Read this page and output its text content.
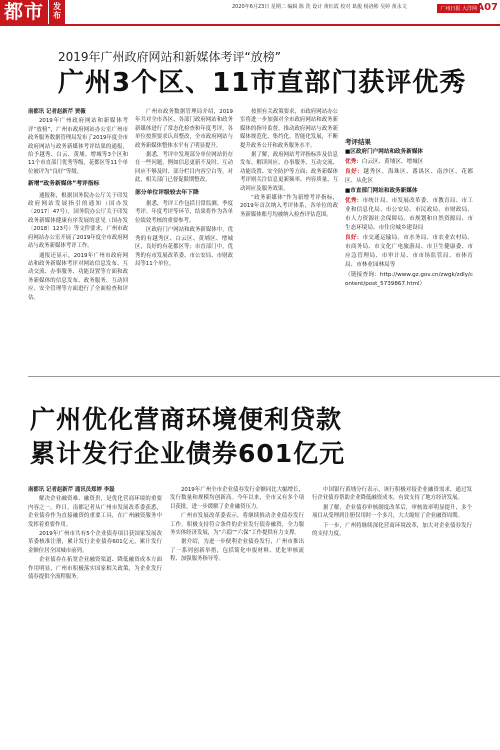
都市	发布
2020年6月23日 星期二 编辑 陈 洗 设计 黄红霞 校对 葛俊 杨洛彬 吴婷 黄永文	广州日报 大洋网 A07
2019年广州政府网站和新媒体考评“放榜”
广州3个区、11市直部门获评优秀

南都讯 记者赵新芹 贾薇

2019年广州政府网站和新媒体考评“放榜”，广州市政府网站办公室广州市政务服务数据管理局发布了2019年度全市政府网站与政务新媒体考评结果的通报，给予越秀、白云、黄埔、增城等3个区和11个市直部门优秀等级，花都区等11个单位被评为“良好”等级。

新增“政务新媒体”考评指标

通报称，根据国务院办公厅关于印发政府网站发展指引的通知（国办发〔2017〕47号），国务院办公厅关于印发政务新媒体健康有序发展的意见（国办发〔2018〕123号）等文件要求，广州市政府网站办公室开展了2019年度全市政府网站与政务新媒体考评工作。

通报还显示，2019年广州市政府网站和政务新媒体考评对网站信息发布、互动交流、办事服务、功能设置等方面和政务新媒体的信息发布、政务服务、互动回应、安全管理等方面进行了全面检查和评估。

广州市政务数据管理局介绍，2019年共对全市各区、各部门政府网站和政务新媒体进行了常态化检查和年度考评，各单位按照要求认真整改，全市政府网站与政务新媒体整体水平有了明显提升。

据悉，考评中发现部分单位网站仍存在一些问题，例如信息更新不及时、互动回应不够及时、部分栏目内容空白等，对此，相关部门已督促限期整改。

部分单位评级较去年下降

据悉，考评工作包括日常监测、季度考评、年度考评等环节，结果将作为各单位绩效考核的重要参考。

区政府门户网站和政务新媒体中，优秀的有越秀区、白云区、黄埔区、增城区，良好的有花都区等；市直部门中，优秀的有市发展改革委、市公安局、市财政局等11个单位。

按照有关政策要求，市政府网站办公室将进一步加强对全市政府网站和政务新媒体的指导监督，推动政府网站与政务新媒体规范化、集约化、智能化发展，不断提升政务公开和政务服务水平。

据了解，政府网站考评指标涉及信息发布、解读回应、办事服务、互动交流、功能设置、安全防护等方面；政务新媒体考评则关注信息更新频率、内容质量、互动回应及服务效果。

“政务新媒体”作为新增考评指标，2019年首次纳入考评体系，各单位的政务新媒体账号均被纳入检查评估范围。

考评结果

■区政府门户网站和政务新媒体

优秀：白云区、黄埔区、增城区

良好：越秀区、海珠区、番禺区、南沙区、花都区、从化区

■市直部门网站和政务新媒体

优秀：市统计局、市发展改革委、市教育局、市工业和信息化局、市公安局、市民政局、市财政局、市人力资源社会保障局、市规划和自然资源局、市生态环境局、市住房城乡建设局

良好：市交通运输局、市水务局、市农业农村局、市商务局、市文化广电旅游局、市卫生健康委、市应急管理局、市审计局、市市场监管局、市体育局、市林业园林局等

（链接查询：http://www.gz.gov.cn/zwgk/zdly/content/post_5739867.html）

广州优化营商环境便利贷款
累计发行企业债券601亿元

南都讯 记者赵新芹 通讯员郑婷 李磊

解决企业融资难、融资贵，是优化营商环境的重要内容之一。昨日，南都记者从广州市发展改革委获悉，企业债券作为直接融资的重要工具，在广州融资服务中发挥着重要作用。

2019年广州市共有5个企业债券项目获国家发展改革委核准注册，累计发行企业债券601亿元，累计发行金额位居全国城市前列。

企业债券在拓宽企业融资渠道、降低融资成本方面作用明显，广州市积极落实国家相关政策，为企业发行债券提供全流程服务。

2019年广州全市企业债券发行金额同比大幅增长，发行数量和规模均创新高。今年以来，全市又有多个项目获批，进一步缓解了企业融资压力。

广州市发展改革委表示，将继续推动企业债券发行工作，积极支持符合条件的企业发行债券融资，全力服务实体经济发展，为“六稳”“六保”工作提供有力支撑。

据介绍，为进一步便利企业债券发行，广州市推出了一系列创新举措，包括简化申报材料、优化审核流程、加强服务指导等。

中国银行黄埔分行表示，该行积极对接企业融资需求，通过发行企业债券帮助企业降低融资成本，有效支持了地方经济发展。

据了解，企业债券审核制度改革后，审核效率明显提升，多个项目从受理到注册仅用时一个多月，大大缩短了企业融资周期。

下一步，广州将继续深化营商环境改革，加大对企业债券发行的支持力度。
